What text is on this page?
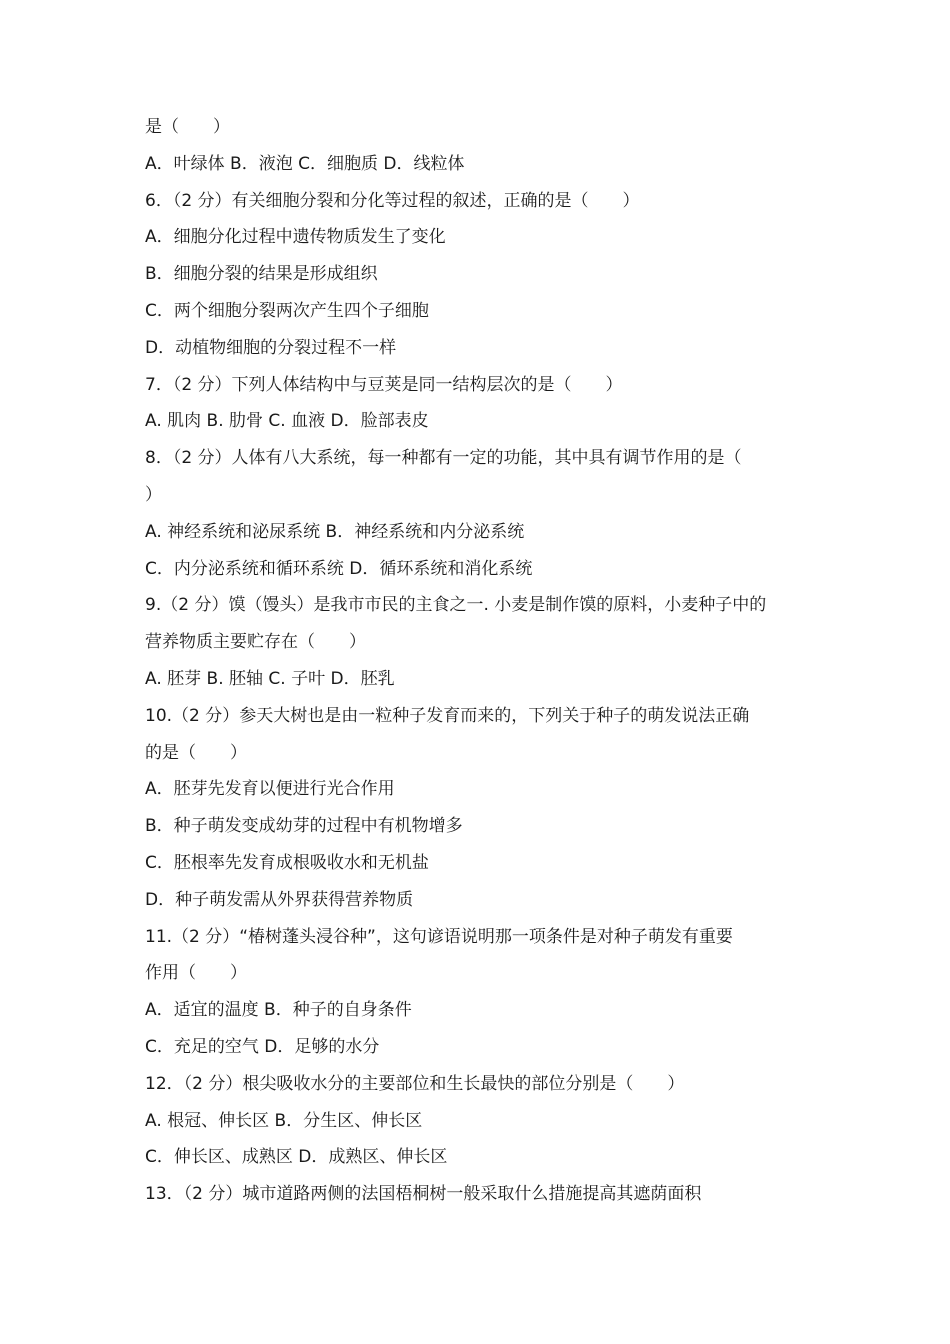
是（　　）
A．叶绿体 B．液泡 C．细胞质 D．线粒体
6．（2 分）有关细胞分裂和分化等过程的叙述，正确的是（　　）
A．细胞分化过程中遗传物质发生了变化
B．细胞分裂的结果是形成组织
C．两个细胞分裂两次产生四个子细胞
D．动植物细胞的分裂过程不一样
7．（2 分）下列人体结构中与豆荚是同一结构层次的是（　　）
A. 肌肉 B. 肋骨 C. 血液 D．脸部表皮
8．（2 分）人体有八大系统，每一种都有一定的功能，其中具有调节作用的是（
）
A. 神经系统和泌尿系统 B．神经系统和内分泌系统
C．内分泌系统和循环系统 D．循环系统和消化系统
9.（2 分）馍（馒头）是我市市民的主食之一. 小麦是制作馍的原料，小麦种子中的
营养物质主要贮存在（　　）
A. 胚芽 B. 胚轴 C. 子叶 D．胚乳
10.（2 分）参天大树也是由一粒种子发育而来的，下列关于种子的萌发说法正确
的是（　　）
A．胚芽先发育以便进行光合作用
B．种子萌发变成幼芽的过程中有机物增多
C．胚根率先发育成根吸收水和无机盐
D．种子萌发需从外界获得营养物质
11.（2 分）“椿树蓬头浸谷种”，这句谚语说明那一项条件是对种子萌发有重要
作用（　　）
A．适宜的温度 B．种子的自身条件
C．充足的空气 D．足够的水分
12．（2 分）根尖吸收水分的主要部位和生长最快的部位分别是（　　）
A. 根冠、伸长区 B．分生区、伸长区
C．伸长区、成熟区 D．成熟区、伸长区
13．（2 分）城市道路两侧的法国梧桐树一般采取什么措施提高其遮荫面积
